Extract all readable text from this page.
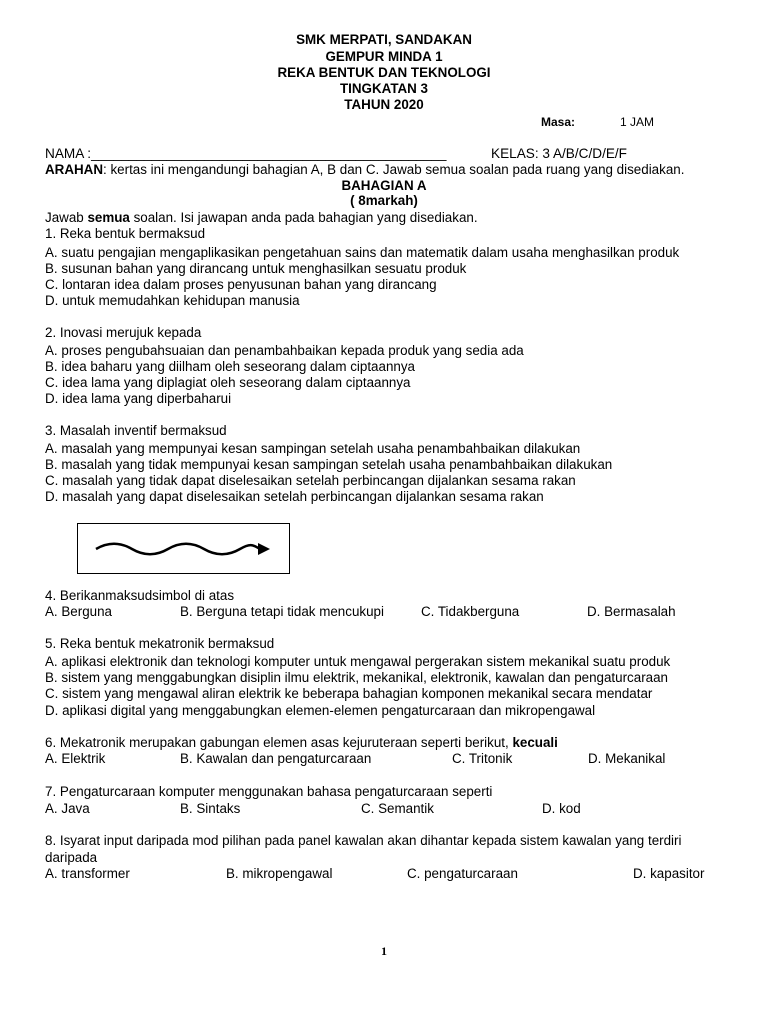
SMK MERPATI, SANDAKAN
GEMPUR MINDA 1
REKA BENTUK DAN TEKNOLOGI
TINGKATAN 3
TAHUN 2020
Masa:	1 JAM
NAMA :_______________________________________________	KELAS: 3 A/B/C/D/E/F
ARAHAN: kertas ini mengandungi bahagian A, B dan C. Jawab semua soalan pada ruang yang disediakan.
BAHAGIAN A
( 8markah)
Jawab semua soalan. Isi jawapan anda pada bahagian yang disediakan.
1. Reka bentuk bermaksud
A. suatu pengajian mengaplikasikan pengetahuan sains dan matematik dalam usaha menghasilkan produk
B. susunan bahan yang dirancang untuk menghasilkan sesuatu produk
C. lontaran idea dalam proses penyusunan bahan yang dirancang
D. untuk memudahkan kehidupan manusia
2. Inovasi merujuk kepada
A. proses pengubahsuaian dan penambahbaikan kepada produk yang sedia ada
B. idea baharu yang diilham oleh seseorang dalam ciptaannya
C. idea lama yang diplagiat oleh seseorang dalam ciptaannya
D. idea lama yang diperbaharui
3. Masalah inventif bermaksud
A. masalah yang mempunyai kesan sampingan setelah usaha penambahbaikan dilakukan
B. masalah yang tidak mempunyai kesan sampingan setelah usaha penambahbaikan dilakukan
C. masalah yang tidak dapat diselesaikan setelah perbincangan dijalankan sesama rakan
D. masalah yang dapat diselesaikan setelah perbincangan dijalankan sesama rakan
4. Berikanmaksudsimbol di atas
A. Berguna	B. Berguna tetapi tidak mencukupi	C. Tidakberguna	D. Bermasalah
5. Reka bentuk mekatronik bermaksud
A. aplikasi elektronik dan teknologi komputer untuk mengawal pergerakan sistem mekanikal suatu produk
B. sistem yang menggabungkan disiplin ilmu elektrik, mekanikal, elektronik, kawalan dan pengaturcaraan
C. sistem yang mengawal aliran elektrik ke beberapa bahagian komponen mekanikal secara mendatar
D. aplikasi digital yang menggabungkan elemen-elemen pengaturcaraan dan mikropengawal
6. Mekatronik merupakan gabungan elemen asas kejuruteraan seperti berikut, kecuali
A. Elektrik	B. Kawalan dan pengaturcaraan	C. Tritonik	D. Mekanikal
7. Pengaturcaraan komputer menggunakan bahasa pengaturcaraan seperti
A. Java	B. Sintaks	C. Semantik	D. kod
8. Isyarat input daripada mod pilihan pada panel kawalan akan dihantar kepada sistem kawalan yang terdiri
daripada
A. transformer	B. mikropengawal	C. pengaturcaraan	D. kapasitor
1
